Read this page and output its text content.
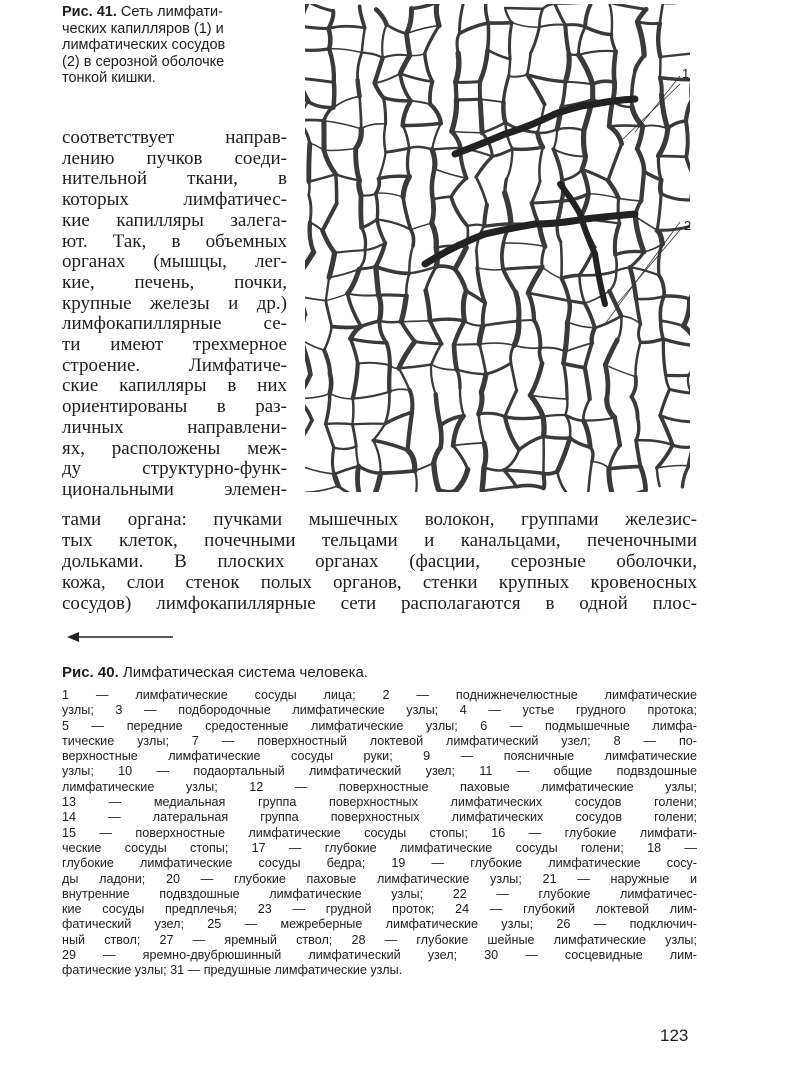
Рис. 41. Сеть лимфати-
ческих капилляров (1) и
лимфатических сосудов
(2) в серозной оболочке
тонкой кишки.	1
2
соответствует направ-
лению пучков соеди-
нительной ткани, в
которых лимфатичес-
кие капилляры залега-
ют. Так, в объемных
органах (мышцы, лег-
кие, печень, почки,
крупные железы и др.)
лимфокапиллярные се-
ти имеют трехмерное
строение. Лимфатиче-
ские капилляры в них
ориентированы в раз-
личных направлени-
ях, расположены меж-
ду структурно-функ-
циональными элемен-
тами органа: пучками мышечных волокон, группами железис-
тых клеток, почечными тельцами и канальцами, печеночными
дольками. В плоских органах (фасции, серозные оболочки,
кожа, слои стенок полых органов, стенки крупных кровеносных
сосудов) лимфокапиллярные сети располагаются в одной плос-
Рис. 40. Лимфатическая система человека.
1 — лимфатические сосуды лица; 2 — поднижнечелюстные лимфатические
узлы; 3 — подбородочные лимфатические узлы; 4 — устье грудного протока;
5 — передние средостенные лимфатические узлы; 6 — подмышечные лимфа-
тические узлы; 7 — поверхностный локтевой лимфатический узел; 8 — по-
верхностные лимфатические сосуды руки; 9 — поясничные лимфатические
узлы; 10 — подаортальный лимфатический узел; 11 — общие подвздошные
лимфатические узлы; 12 — поверхностные паховые лимфатические узлы;
13 — медиальная группа поверхностных лимфатических сосудов голени;
14 — латеральная группа поверхностных лимфатических сосудов голени;
15 — поверхностные лимфатические сосуды стопы; 16 — глубокие лимфати-
ческие сосуды стопы; 17 — глубокие лимфатические сосуды голени; 18 —
глубокие лимфатические сосуды бедра; 19 — глубокие лимфатические сосу-
ды ладони; 20 — глубокие паховые лимфатические узлы; 21 — наружные и
внутренние подвздошные лимфатические узлы; 22 — глубокие лимфатичес-
кие сосуды предплечья; 23 — грудной проток; 24 — глубокий локтевой лим-
фатический узел; 25 — межреберные лимфатические узлы; 26 — подключич-
ный ствол; 27 — яремный ствол; 28 — глубокие шейные лимфатические узлы;
29 — яремно-двубрюшинный лимфатический узел; 30 — сосцевидные лим-
фатические узлы; 31 — предушные лимфатические узлы.
123
